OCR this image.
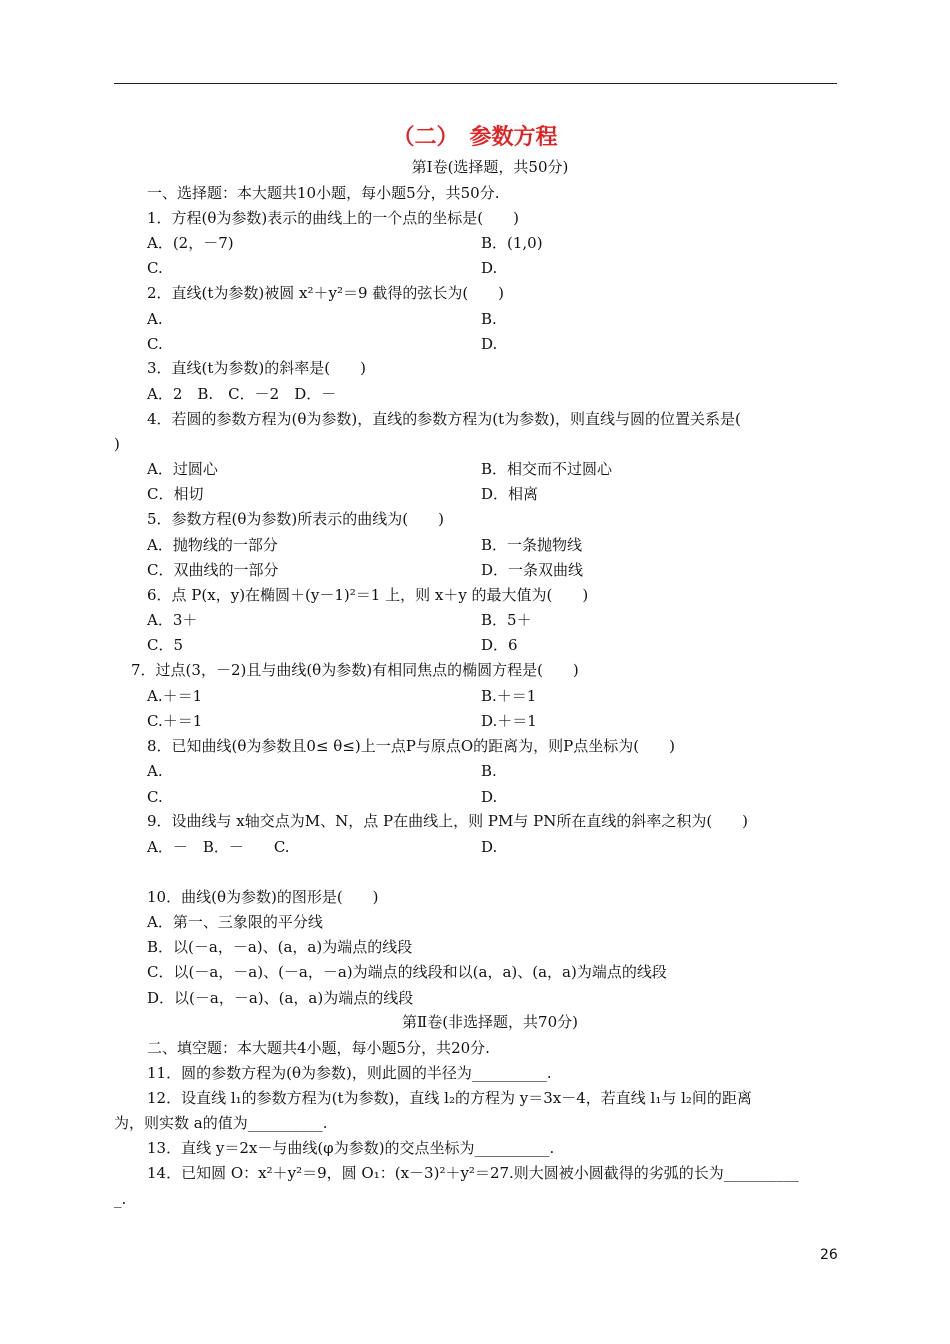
（二）　参数方程
第Ⅰ卷(选择题，共50分)
一、选择题：本大题共10小题，每小题5分，共50分.
1．方程(θ为参数)表示的曲线上的一个点的坐标是(　　)
A．(2，－7)	B．(1,0)
C.	D.
2．直线(t为参数)被圆 x²＋y²＝9 截得的弦长为(　　)
A.	B.
C.	D.
3．直线(t为参数)的斜率是(　　)
A．2　B.　C．－2　D．－
4．若圆的参数方程为(θ为参数)，直线的参数方程为(t为参数)，则直线与圆的位置关系是(
)
A．过圆心	B．相交而不过圆心
C．相切	D．相离
5．参数方程(θ为参数)所表示的曲线为(　　)
A．抛物线的一部分	B．一条抛物线
C．双曲线的一部分	D．一条双曲线
6．点 P(x，y)在椭圆＋(y－1)²＝1 上，则 x＋y 的最大值为(　　)
A．3＋	B．5＋
C．5	D．6
7．过点(3，－2)且与曲线(θ为参数)有相同焦点的椭圆方程是(　　)
A.＋＝1	B.＋＝1
C.＋＝1	D.＋＝1
8．已知曲线(θ为参数且0≤ θ≤)上一点P与原点O的距离为，则P点坐标为(　　)
A.	B.
C.	D.
9．设曲线与 x轴交点为M、N，点 P在曲线上，则 PM与 PN所在直线的斜率之积为(　　)
A．－　B．－　　C.	D.
10．曲线(θ为参数)的图形是(　　)
A．第一、三象限的平分线
B．以(－a，－a)、(a，a)为端点的线段
C．以(－a，－a)、(－a，－a)为端点的线段和以(a，a)、(a，a)为端点的线段
D．以(－a，－a)、(a，a)为端点的线段
第Ⅱ卷(非选择题，共70分)
二、填空题：本大题共4小题，每小题5分，共20分.
11．圆的参数方程为(θ为参数)，则此圆的半径为__________.
12．设直线 l₁的参数方程为(t为参数)，直线 l₂的方程为 y＝3x－4，若直线 l₁与 l₂间的距离
为，则实数 a的值为__________.
13．直线 y＝2x－与曲线(φ为参数)的交点坐标为__________.
14．已知圆 O：x²＋y²＝9，圆 O₁：(x－3)²＋y²＝27.则大圆被小圆截得的劣弧的长为__________
_.
26
